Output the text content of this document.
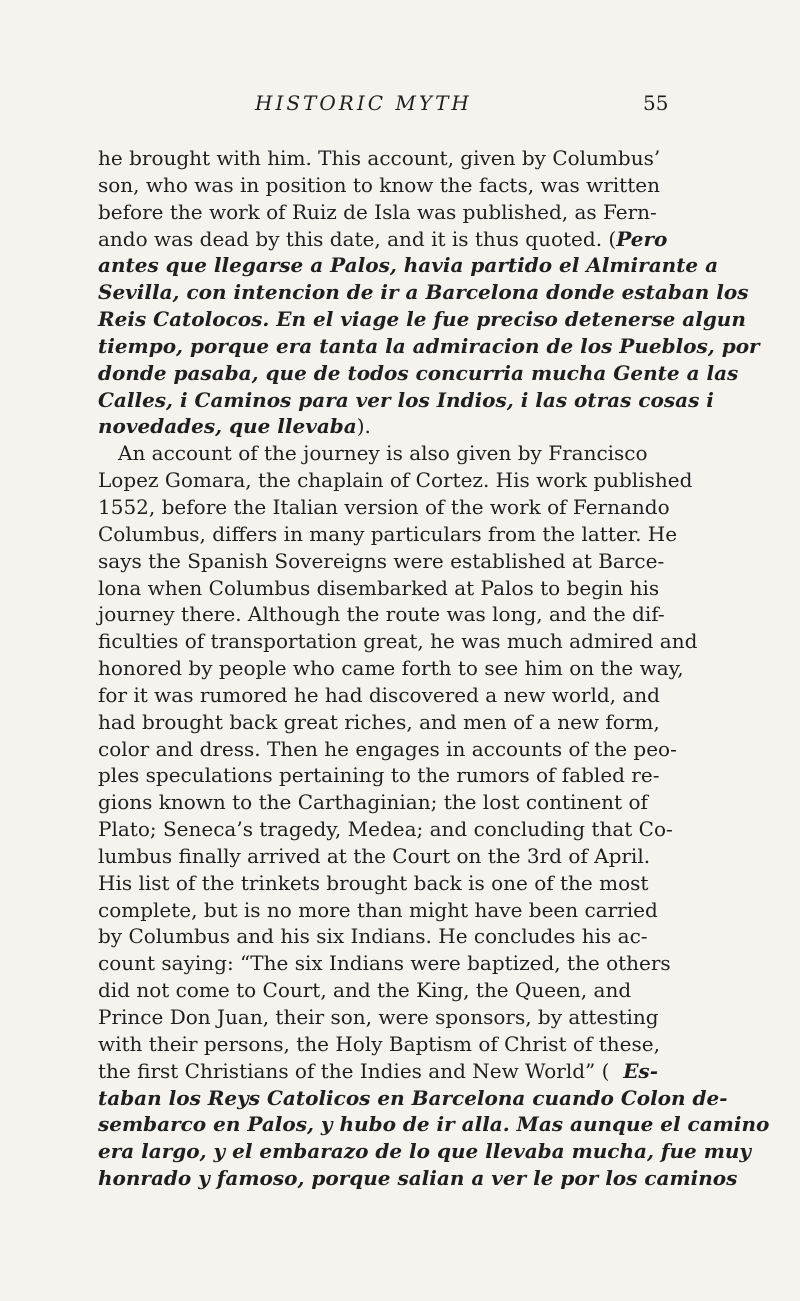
HISTORIC MYTH	55
he brought with him. This account, given by Columbus’
son, who was in position to know the facts, was written
before the work of Ruiz de Isla was published, as Fern-
ando was dead by this date, and it is thus quoted. ( Pero
antes que llegarse a Palos, havia partido el Almirante a
Sevilla, con intencion de ir a Barcelona donde estaban los
Reis Catolocos. En el viage le fue preciso detenerse algun
tiempo, porque era tanta la admiracion de los Pueblos, por
donde pasaba, que de todos concurria mucha Gente a las
Calles, i Caminos para ver los Indios, i las otras cosas i
novedades, que llevaba ).
An account of the journey is also given by Francisco
Lopez Gomara, the chaplain of Cortez. His work published
1552, before the Italian version of the work of Fernando
Columbus, differs in many particulars from the latter. He
says the Spanish Sovereigns were established at Barce-
lona when Columbus disembarked at Palos to begin his
journey there. Although the route was long, and the dif-
ficulties of transportation great, he was much admired and
honored by people who came forth to see him on the way,
for it was rumored he had discovered a new world, and
had brought back great riches, and men of a new form,
color and dress. Then he engages in accounts of the peo-
ples speculations pertaining to the rumors of fabled re-
gions known to the Carthaginian; the lost continent of
Plato; Seneca’s tragedy, Medea; and concluding that Co-
lumbus finally arrived at the Court on the 3rd of April.
His list of the trinkets brought back is one of the most
complete, but is no more than might have been carried
by Columbus and his six Indians. He concludes his ac-
count saying: “The six Indians were baptized, the others
did not come to Court, and the King, the Queen, and
Prince Don Juan, their son, were sponsors, by attesting
with their persons, the Holy Baptism of Christ of these,
the first Christians of the Indies and New World” ( Es-
taban los Reys Catolicos en Barcelona cuando Colon de-
sembarco en Palos, y hubo de ir alla. Mas aunque el camino
era largo, y el embarazo de lo que llevaba mucha, fue muy
honrado y famoso, porque salian a ver le por los caminos
